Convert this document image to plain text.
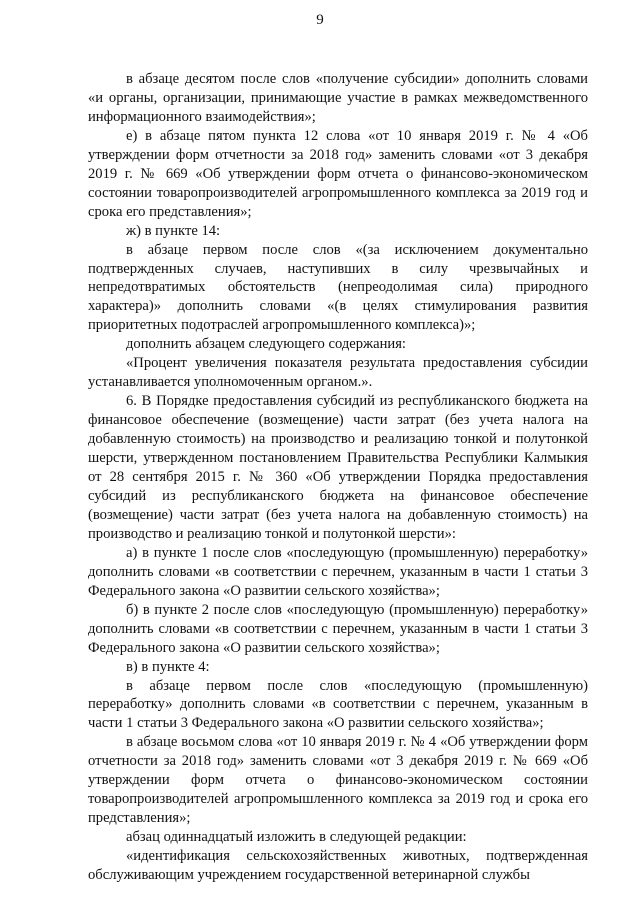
9

в абзаце десятом после слов «получение субсидии» дополнить словами «и органы, организации, принимающие участие в рамках межведомственного информационного взаимодействия»;

е) в абзаце пятом пункта 12 слова «от 10 января 2019 г. № 4 «Об утверждении форм отчетности за 2018 год» заменить словами «от 3 декабря 2019 г. № 669 «Об утверждении форм отчета о финансово-экономическом состоянии товаропроизводителей агропромышленного комплекса за 2019 год и срока его представления»;

ж) в пункте 14:

в абзаце первом после слов «(за исключением документально подтвержденных случаев, наступивших в силу чрезвычайных и непредотвратимых обстоятельств (непреодолимая сила) природного характера)» дополнить словами «(в целях стимулирования развития приоритетных подотраслей агропромышленного комплекса)»;

дополнить абзацем следующего содержания:

«Процент увеличения показателя результата предоставления субсидии устанавливается уполномоченным органом.».

6. В Порядке предоставления субсидий из республиканского бюджета на финансовое обеспечение (возмещение) части затрат (без учета налога на добавленную стоимость) на производство и реализацию тонкой и полутонкой шерсти, утвержденном постановлением Правительства Республики Калмыкия от 28 сентября 2015 г. № 360 «Об утверждении Порядка предоставления субсидий из республиканского бюджета на финансовое обеспечение (возмещение) части затрат (без учета налога на добавленную стоимость) на производство и реализацию тонкой и полутонкой шерсти»:

а) в пункте 1 после слов «последующую (промышленную) переработку» дополнить словами «в соответствии с перечнем, указанным в части 1 статьи 3 Федерального закона «О развитии сельского хозяйства»;

б) в пункте 2 после слов «последующую (промышленную) переработку» дополнить словами «в соответствии с перечнем, указанным в части 1 статьи 3 Федерального закона «О развитии сельского хозяйства»;

в) в пункте 4:

в абзаце первом после слов «последующую (промышленную) переработку» дополнить словами «в соответствии с перечнем, указанным в части 1 статьи 3 Федерального закона «О развитии сельского хозяйства»;

в абзаце восьмом слова «от 10 января 2019 г. № 4 «Об утверждении форм отчетности за 2018 год» заменить словами «от 3 декабря 2019 г. № 669 «Об утверждении форм отчета о финансово-экономическом состоянии товаропроизводителей агропромышленного комплекса за 2019 год и срока его представления»;

абзац одиннадцатый изложить в следующей редакции:

«идентификация сельскохозяйственных животных, подтвержденная обслуживающим учреждением государственной ветеринарной службы
